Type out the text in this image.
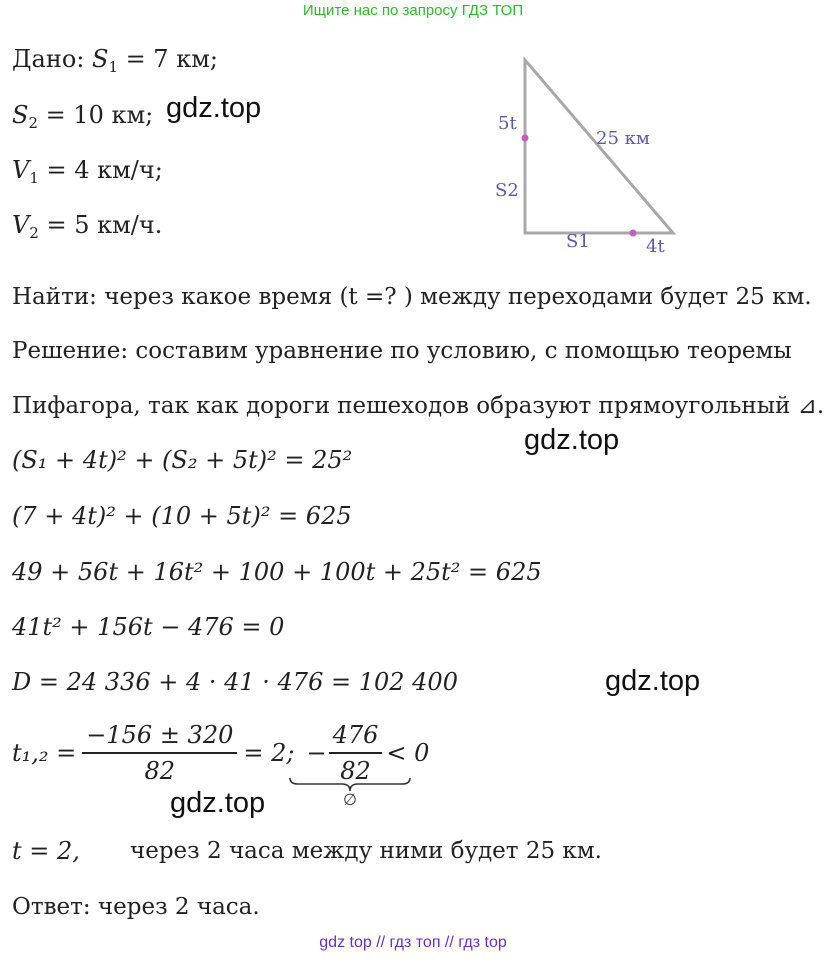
Ищите нас по запросу ГДЗ ТОП
Дано: $S_1 = 7$ км;
$S_2 = 10$ км;
$V_1 = 4$ км/ч;
$V_2 = 5$ км/ч.
5t
25 км
S2
S1	4t
gdz.top
Найти: через какое время (t =? ) между переходами будет 25 км.
Решение: составим уравнение по условию, с помощью теоремы
Пифагора, так как дороги пешеходов образуют прямоугольный ⊿.
gdz.top
(S₁ + 4t)² + (S₂ + 5t)² = 25²
(7 + 4t)² + (10 + 5t)² = 625
49 + 56t + 16t² + 100 + 100t + 25t² = 625
41t² + 156t − 476 = 0
D = 24 336 + 4 · 41 · 476 = 102 400	gdz.top
$t_1,_2 = \frac{-156 \pm 320}{82} = 2$; − $\frac{476}{82} < 0$
∅
gdz.top
t = 2, через 2 часа между ними будет 25 км.
Ответ: через 2 часа.
gdz top // гдз топ // гдз top
